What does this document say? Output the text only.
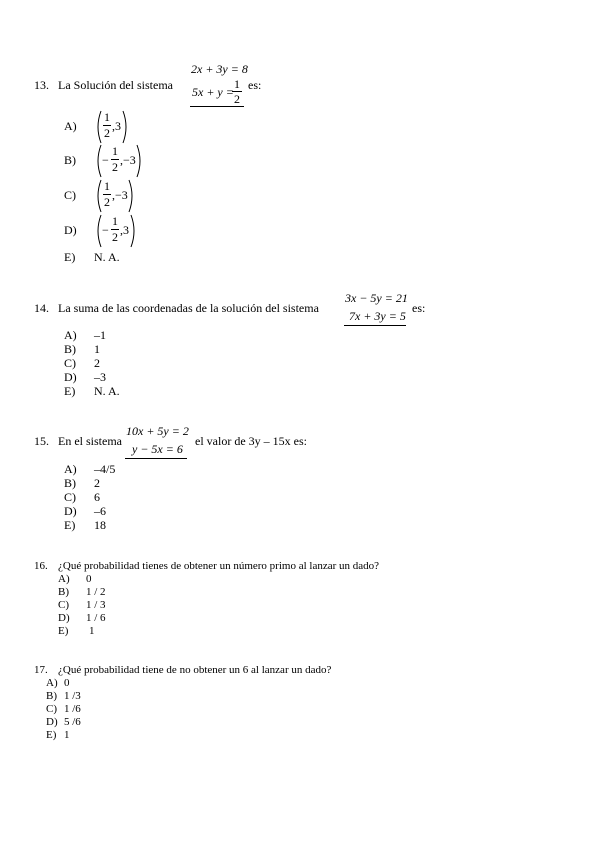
13. La Solución del sistema
2x + 3y = 8
5x + y =
1
2
es:
A)
1
2 ,3
B) −
1
2 ,−3
C)
1
2 ,−3
D) −
1
2 ,3
E) N. A.
14. La suma de las coordenadas de la solución del sistema
3x − 5y = 21
7x + 3y = 5
es:
A) –1
B) 1
C) 2
D) –3
E) N. A.
15. En el sistema
10x + 5y = 2
y − 5x = 6
el valor de 3y – 15x es:
A) –4/5
B) 2
C) 6
D) –6
E) 18
16. ¿Qué probabilidad tienes de obtener un número primo al lanzar un dado?
A) 0
B) 1 / 2
C) 1 / 3
D) 1 / 6
E) 1
17. ¿Qué probabilidad tiene de no obtener un 6 al lanzar un dado?
A) 0
B) 1 /3
C) 1 /6
D) 5 /6
E) 1
